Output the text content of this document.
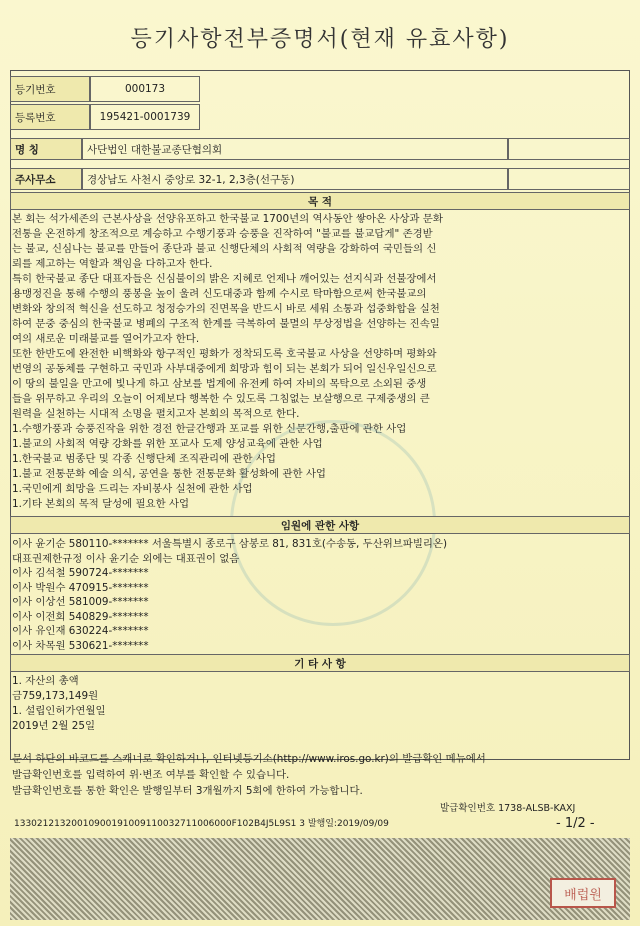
등기사항전부증명서(현재 유효사항)
등기번호	000173
등록번호	195421-0001739
명 칭	사단법인 대한불교종단협의회
주사무소	경상남도 사천시 중앙로 32-1, 2,3층(선구동)
목 적
본 회는 석가세존의 근본사상을 선양유포하고 한국불교 1700년의 역사동안 쌓아온 사상과 문화
전통을 온전하게 창조적으로 계승하고 수행기풍과 승풍을 진작하여 "불교를 불교답게" 존경받
는 불교, 신심나는 불교를 만들어 종단과 불교 신행단체의 사회적 역량을 강화하여 국민들의 신
뢰를 제고하는 역할과 책임을 다하고자 한다.
특히 한국불교 종단 대표자들은 신심불이의 밝은 지혜로 언제나 깨어있는 선지식과 선불장에서
용맹정진을 통해 수행의 풍봉을 높이 울려 신도대중과 함께 수시로 탁마함으로써 한국불교의
변화와 창의적 혁신을 선도하고 청정승가의 진면목을 반드시 바로 세워 소통과 섭중화합을 실천
하여 문중 중심의 한국불교 병폐의 구조적 한계를 극복하여 불멸의 무상정법을 선양하는 진속일
여의 새로운 미래불교를 열어가고자 한다.
또한 한반도에 완전한 비핵화와 항구적인 평화가 정착되도록 호국불교 사상을 선양하며 평화와
번영의 공동체를 구현하고 국민과 사부대중에게 희망과 힘이 되는 본회가 되어 일신우일신으로
이 땅의 불일을 만고에 빛나게 하고 삼보를 법계에 유전케 하여 자비의 목탁으로 소외된 중생
들을 위무하고 우리의 오늘이 어제보다 행복한 수 있도록 그침없는 보살행으로 구제중생의 큰
원력을 실천하는 시대적 소명을 펼치고자 본회의 목적으로 한다.
1.수행가풍과 승풍진작을 위한 경전 한글간행과 포교를 위한 신문간행,출판에 관한 사업
1.불교의 사회적 역량 강화를 위한 포교사 도제 양성교육에 관한 사업
1.한국불교 범종단 및 각종 신행단체 조직관리에 관한 사업
1.불교 전통문화 예술 의식, 공연을 통한 전통문화 활성화에 관한 사업
1.국민에게 희망을 드리는 자비봉사 실천에 관한 사업
1.기타 본회의 목적 달성에 필요한 사업
임원에 관한 사항
이사 윤기순 580110-******* 서울특별시 종로구 삼봉로 81, 831호(수송동, 두산위브파빌리온)
대표권제한규정 이사 윤기순 외에는 대표권이 없음
이사 김석철 590724-*******
이사 박원수 470915-*******
이사 이상선 581009-*******
이사 이전희 540829-*******
이사 유인재 630224-*******
이사 차목원 530621-*******
기 타 사 항
1. 자산의 총액
금759,173,149원
1. 설립인허가연월일
2019년 2월 25일
문서 하단의 바코드를 스캐너로 확인하거나, 인터넷등기소(http://www.iros.go.kr)의 발급확인 메뉴에서
발급확인번호를 입력하여 위·변조 여부를 확인할 수 있습니다.
발급확인번호를 통한 확인은 발행일부터 3개월까지 5회에 한하여 가능합니다.
발급확인번호 1738-ALSB-KAXJ
13302121320010900191009110032711006000F102B4J5L9S1 3 발행일:2019/09/09	- 1/2 -
배럽원
